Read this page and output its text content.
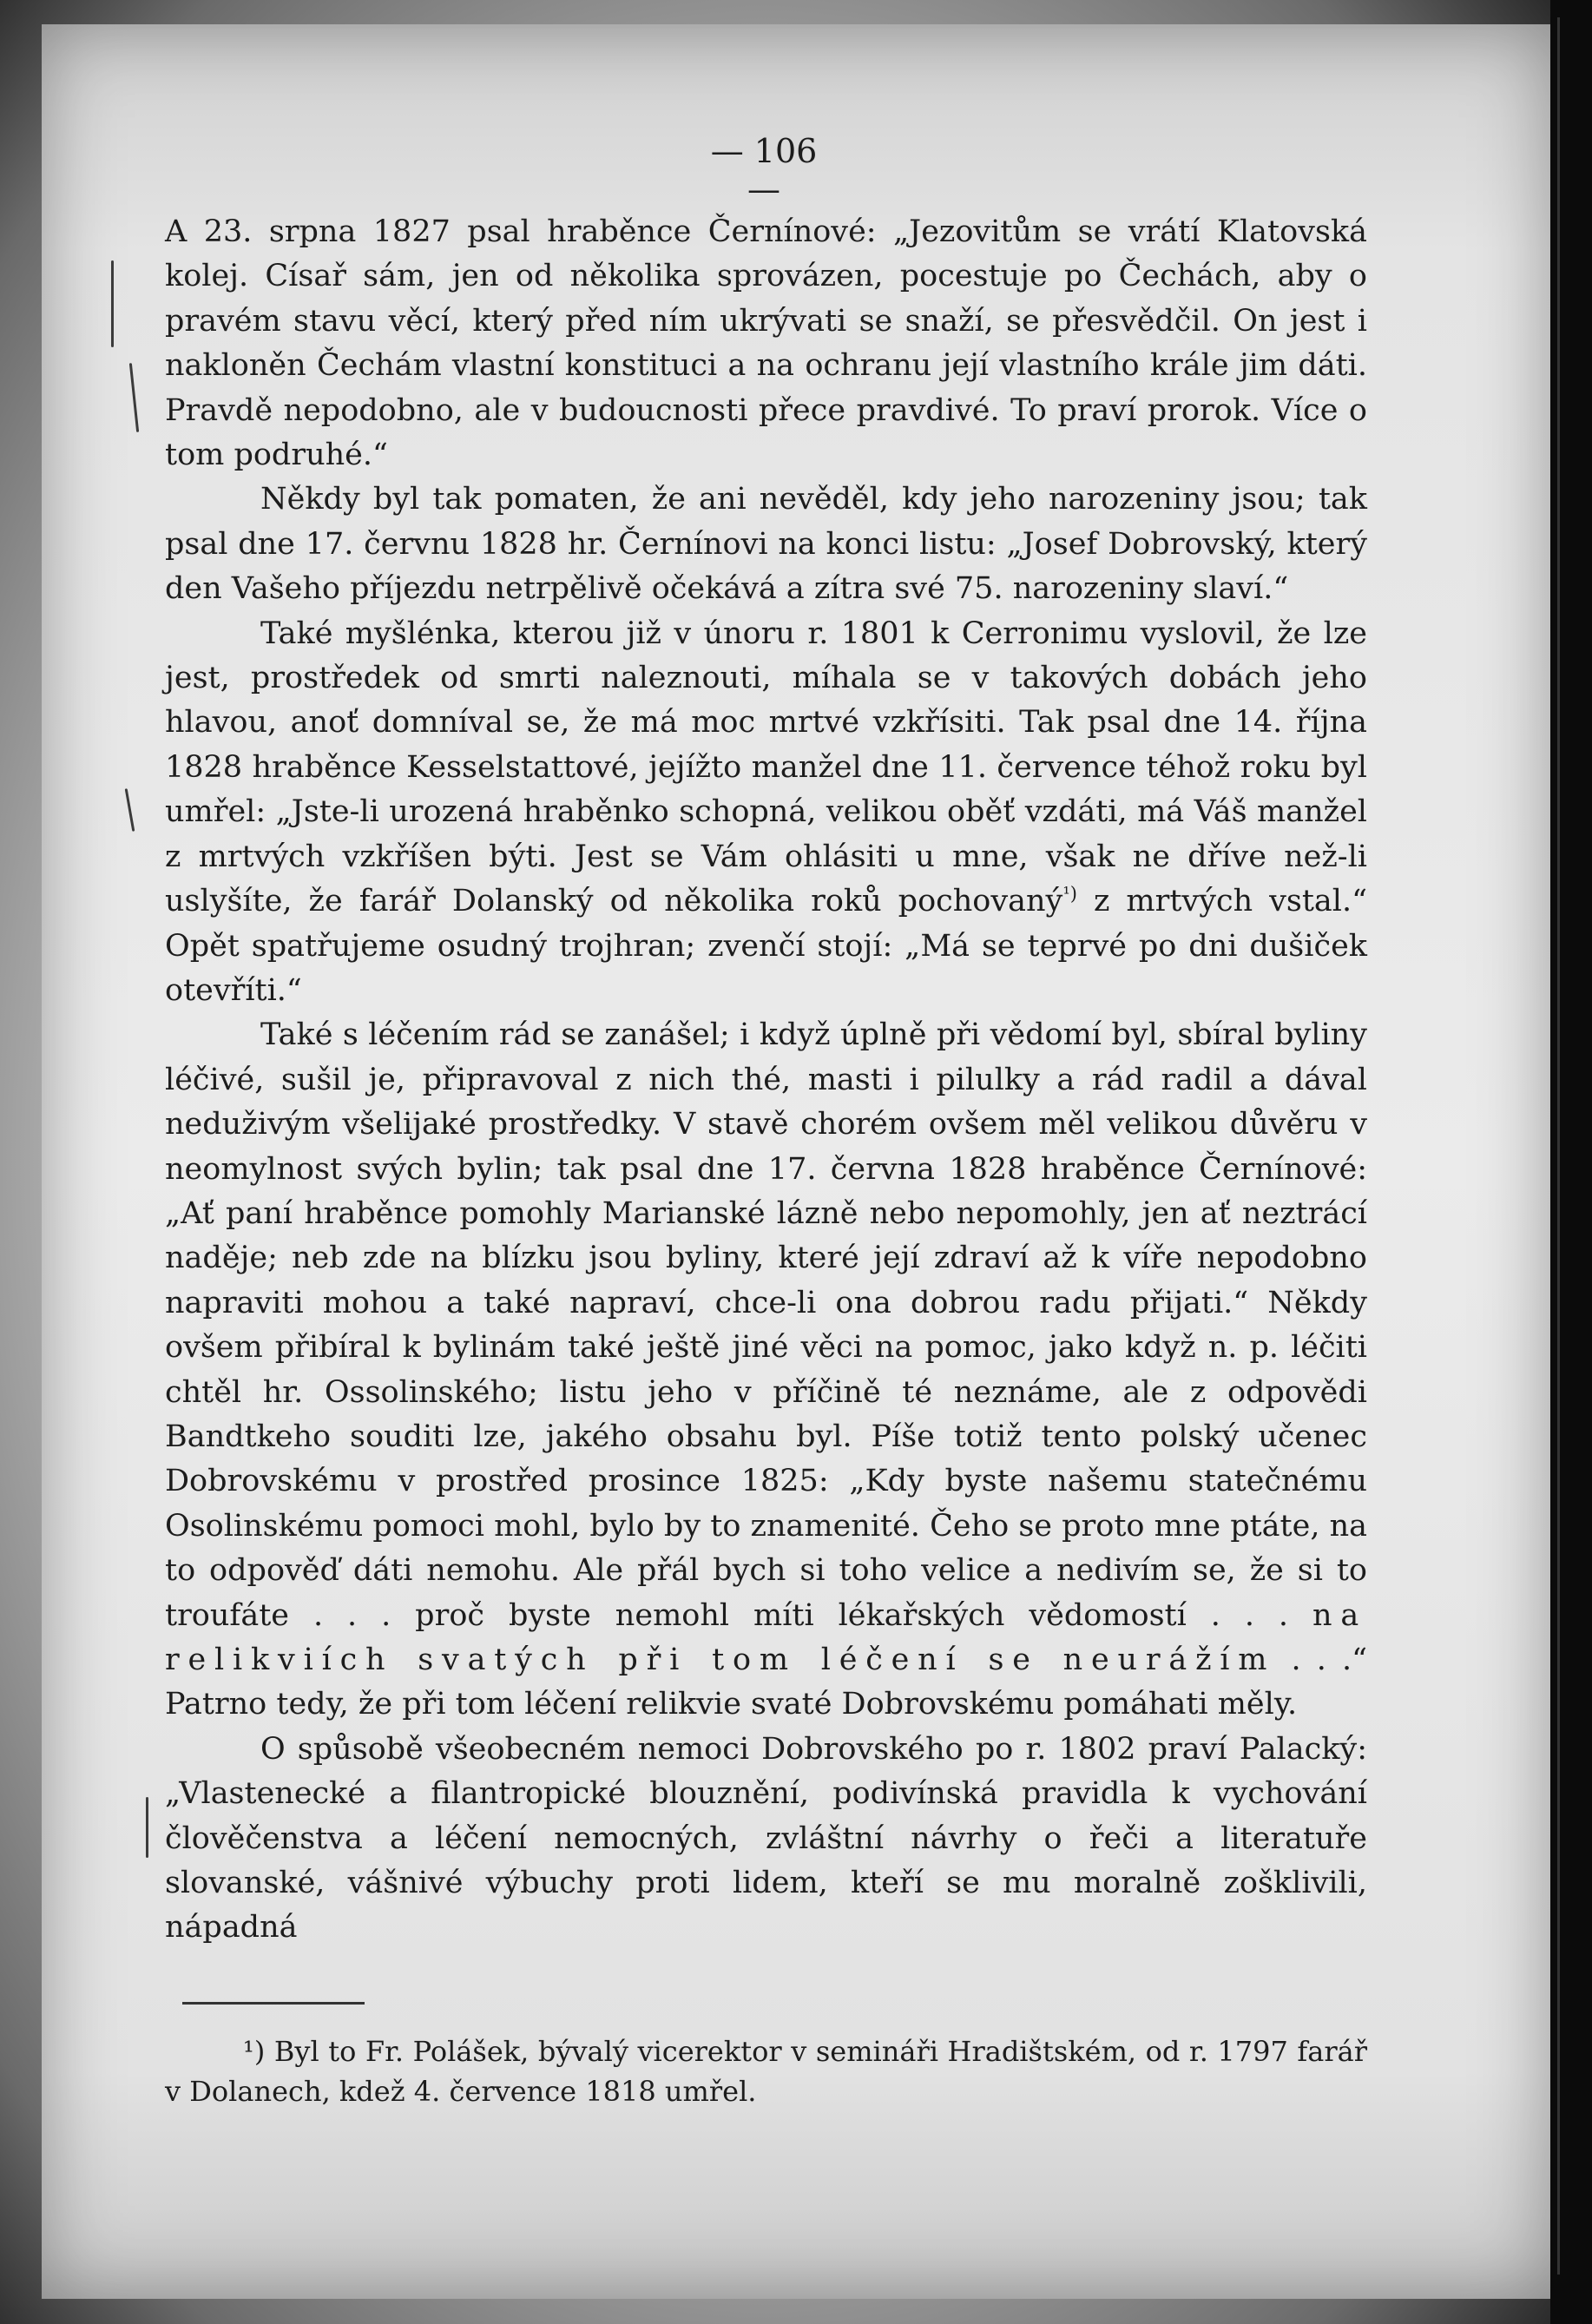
— 106 —

A 23. srpna 1827 psal hraběnce Černínové: „Jezovitům se vrátí Klatovská kolej. Císař sám, jen od několika sprovázen, pocestuje po Čechách, aby o pravém stavu věcí, který před ním ukrývati se snaží, se přesvědčil. On jest i nakloněn Čechám vlastní konstituci a na ochranu její vlastního krále jim dáti. Pravdě nepodobno, ale v budoucnosti přece pravdivé. To praví prorok. Více o tom podruhé.“

Někdy byl tak pomaten, že ani nevěděl, kdy jeho narozeniny jsou; tak psal dne 17. červnu 1828 hr. Černínovi na konci listu: „Josef Dobrovský, který den Vašeho příjezdu netrpělivě očekává a zítra své 75. narozeniny slaví.“

Také myšlénka, kterou již v únoru r. 1801 k Cerronimu vyslovil, že lze jest, prostředek od smrti naleznouti, míhala se v takových dobách jeho hlavou, anoť domníval se, že má moc mrtvé vzkřísiti. Tak psal dne 14. října 1828 hraběnce Kesselstattové, jejížto manžel dne 11. července téhož roku byl umřel: „Jste-li urozená hraběnko schopná, velikou oběť vzdáti, má Váš manžel z mrtvých vzkříšen býti. Jest se Vám ohlásiti u mne, však ne dříve než-li uslyšíte, že farář Dolanský od několika roků pochovaný$^{^1)}$ z mrtvých vstal.“ Opět spatřujeme osudný trojhran; zvenčí stojí: „Má se teprvé po dni dušiček otevříti.“

Také s léčením rád se zanášel; i když úplně při vědomí byl, sbíral byliny léčivé, sušil je, připravoval z nich thé, masti i pilulky a rád radil a dával neduživým všelijaké prostředky. V stavě chorém ovšem měl velikou důvěru v neomylnost svých bylin; tak psal dne 17. června 1828 hraběnce Černínové: „Ať paní hraběnce pomohly Marianské lázně nebo nepomohly, jen ať neztrácí naděje; neb zde na blízku jsou byliny, které její zdraví až k víře nepodobno napraviti mohou a také napraví, chce-li ona dobrou radu přijati.“ Někdy ovšem přibíral k bylinám také ještě jiné věci na pomoc, jako když n. p. léčiti chtěl hr. Ossolinského; listu jeho v příčině té neznáme, ale z odpovědi Bandtkeho souditi lze, jakého obsahu byl. Píše totiž tento polský učenec Dobrovskému v prostřed prosince 1825: „Kdy byste našemu statečnému Osolinskému pomoci mohl, bylo by to znamenité. Čeho se proto mne ptáte, na to odpověď dáti nemohu. Ale přál bych si toho velice a nedivím se, že si to troufáte . . . proč byste nemohl míti lékařských vědomostí . . . na relikviích svatých při tom léčení se neurážím . . .“ Patrno tedy, že při tom léčení relikvie svaté Dobrovskému pomáhati měly.

O spůsobě všeobecném nemoci Dobrovského po r. 1802 praví Palacký: „Vlastenecké a filantropické blouznění, podivínská pravidla k vychování člověčenstva a léčení nemocných, zvláštní návrhy o řeči a literatuře slovanské, vášnivé výbuchy proti lidem, kteří se mu moralně zošklivili, nápadná

¹) Byl to Fr. Polášek, bývalý vicerektor v semináři Hradištském, od r. 1797 farář v Dolanech, kdež 4. července 1818 umřel.
